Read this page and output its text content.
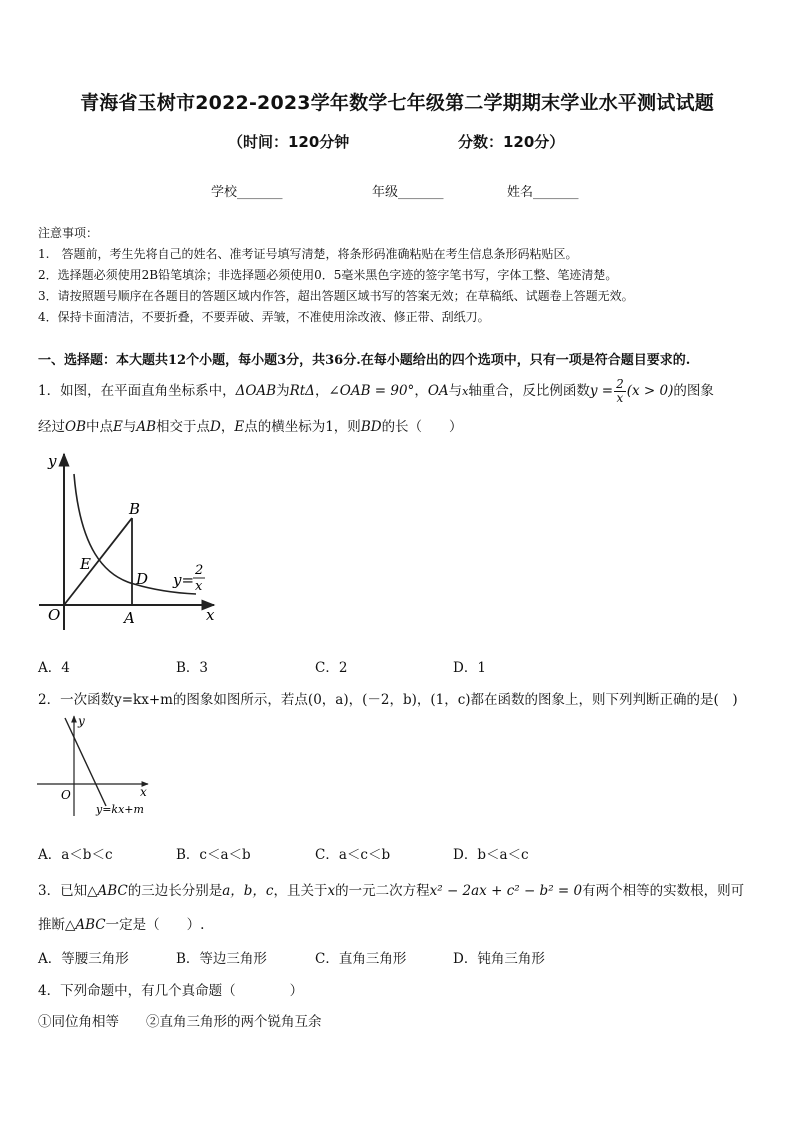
青海省玉树市2022-2023学年数学七年级第二学期期末学业水平测试试题
（时间：120分钟	分数：120分）
学校_______	年级_______	姓名_______
注意事项：
1.　答题前，考生先将自己的姓名、准考证号填写清楚，将条形码准确粘贴在考生信息条形码粘贴区。
2．选择题必须使用2B铅笔填涂；非选择题必须使用0．5毫米黑色字迹的签字笔书写，字体工整、笔迹清楚。
3．请按照题号顺序在各题目的答题区域内作答，超出答题区域书写的答案无效；在草稿纸、试题卷上答题无效。
4．保持卡面清洁，不要折叠，不要弄破、弄皱，不准使用涂改液、修正带、刮纸刀。
一、选择题：本大题共12个小题，每小题3分，共36分.在每小题给出的四个选项中，只有一项是符合题目要求的.
1．如图，在平面直角坐标系中，ΔOAB为RtΔ，∠OAB = 90°，OA与x轴重合，反比例函数$y = \frac{2}{x} (x > 0)$的图象
经过OB中点E与AB相交于点D，E点的横坐标为1，则BD的长（　　）
y
x
O	A
B
E
D y=
2
x
A．4	B．3	C．2	D．1
2．一次函数y=kx+m的图象如图所示，若点(0，a)，(－2，b)，(1，c)都在函数的图象上，则下列判断正确的是(　)
y
x
O
y=kx+m
A．a＜b＜c	B．c＜a＜b	C．a＜c＜b	D．b＜a＜c
3．已知△ABC的三边长分别是a，b，c，且关于x的一元二次方程x² − 2ax + c² − b² = 0有两个相等的实数根，则可
推断△ABC一定是（　　）.
A．等腰三角形	B．等边三角形	C．直角三角形	D．钝角三角形
4．下列命题中，有几个真命题（　　　　）
①同位角相等 ②直角三角形的两个锐角互余
